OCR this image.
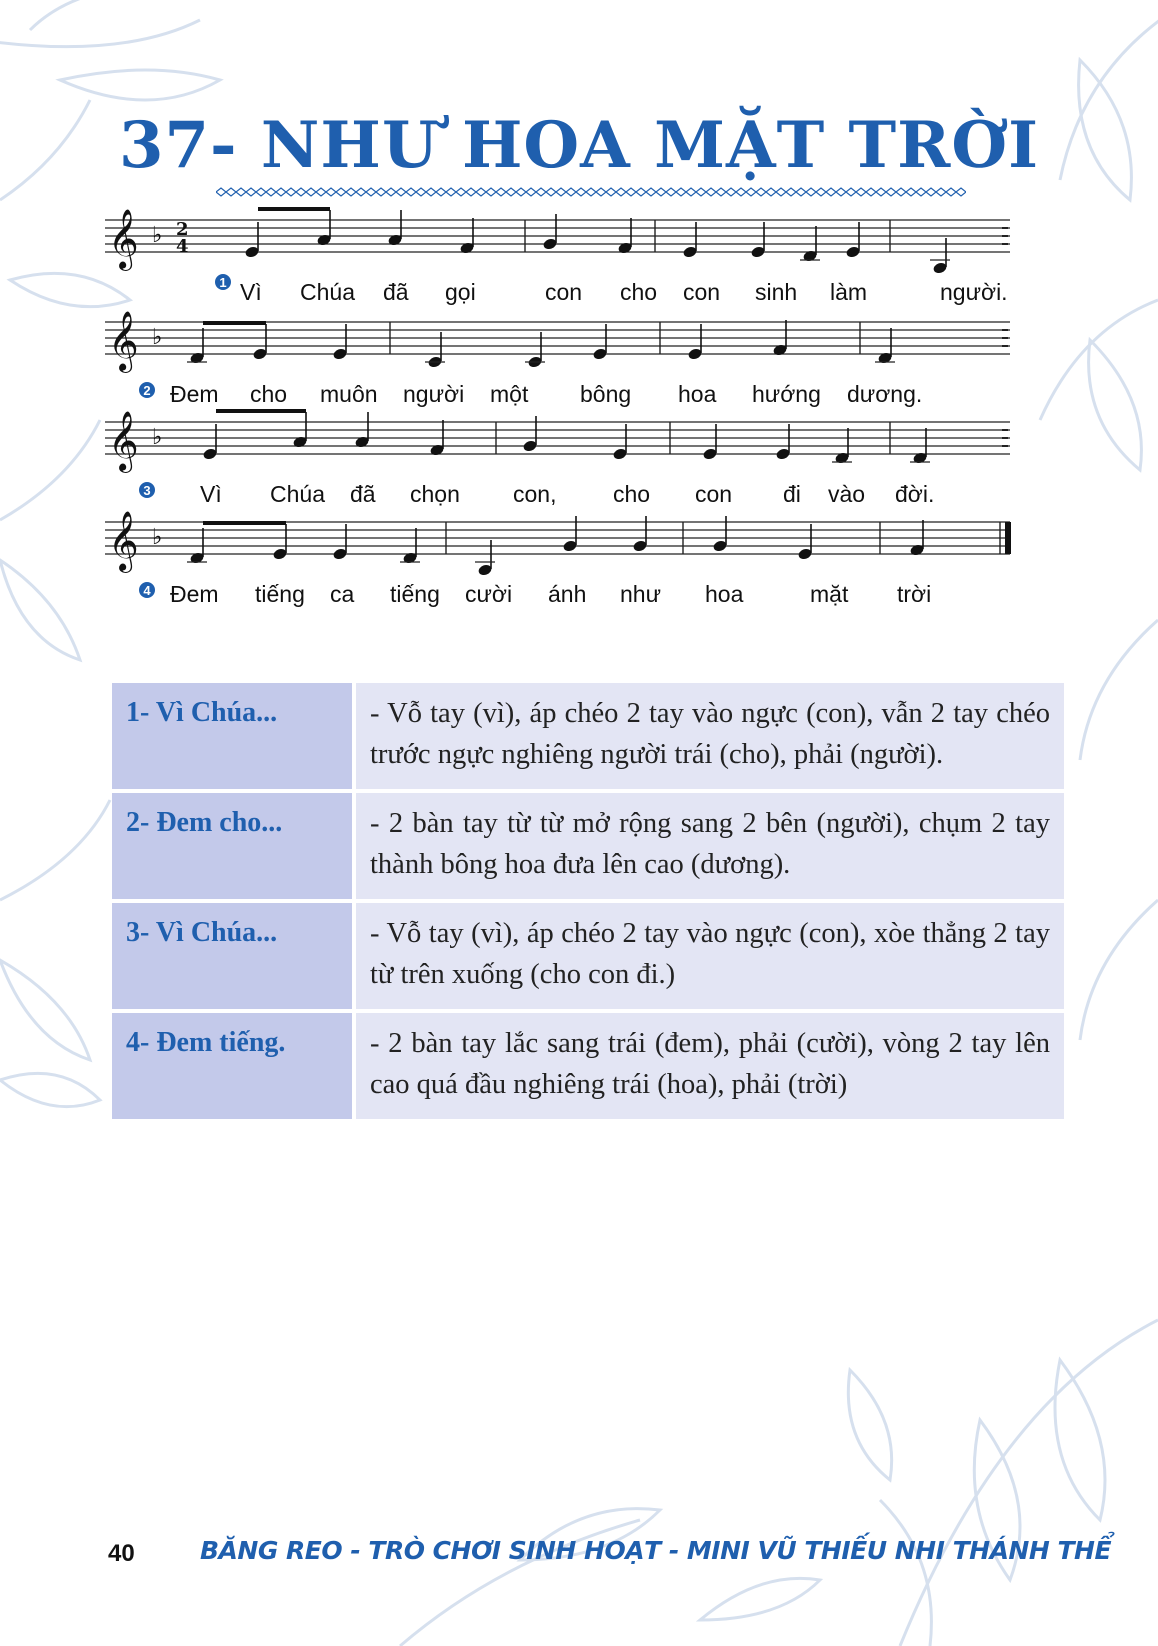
37- NHƯ HOA MẶT TRỜI
𝄞 ♭ 2
4
𝄞 ♭
𝄞 ♭
𝄞 ♭
1 Vì Chúa đã gọi	con cho con sinh làm	người.
2 Đem cho muôn người một bông hoa hướng dương.
3 Vì Chúa đã chọn con, cho con đi vào đời.
4 Đem tiếng ca tiếng cười ánh như hoa	mặt trời
1- Vì Chúa...	- Vỗ tay (vì), áp chéo 2 tay vào ngực (con), vẫn 2 tay chéo trước ngực nghiêng người trái (cho), phải (người).
2- Đem cho...	- 2 bàn tay từ từ mở rộng sang 2 bên (người), chụm 2 tay thành bông hoa đưa lên cao (dương).
3- Vì Chúa...	- Vỗ tay (vì), áp chéo 2 tay vào ngực (con), xòe thẳng 2 tay từ trên xuống (cho con đi.)
4- Đem tiếng.	- 2 bàn tay lắc sang trái (đem), phải (cười), vòng 2 tay lên cao quá đầu nghiêng trái (hoa), phải (trời)
40	BĂNG REO - TRÒ CHƠI SINH HOẠT - MINI VŨ THIẾU NHI THÁNH THỂ
